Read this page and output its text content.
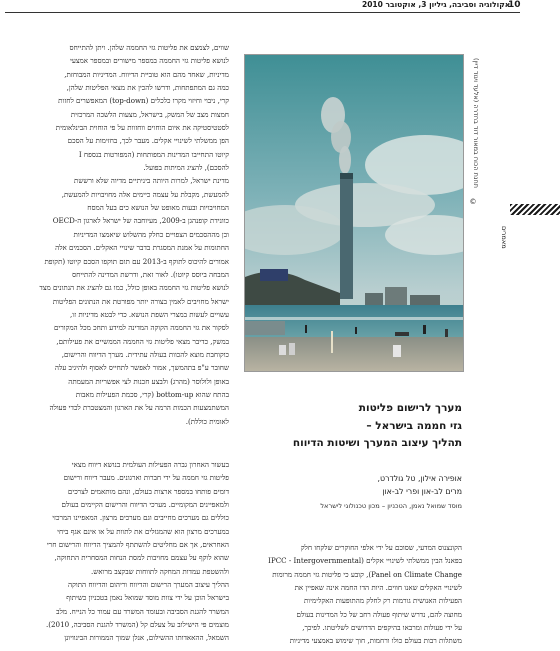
10
אקולוגיה וסביבה, גיליון 3, אוקטובר 2010
תחנת הכוח במאור דוד בחדרה (אלעד ויגוד דיין)
©
מאמרים

שווים, לצמצם את פליטות גזי החממה שלהן. ויתן להתייחס

לנושא פליטות גזי החממה במספר מישורים ובמספר אמצעי

מדיניות, שאחד מהם הוא טוביית הדיווח. המדיניות המבוחזת,

כמה גם המתפתחות, ודרשו להכין את מצאי הפליטות שלהן,

קרי, ניבוי וחיזוי מקרו כלכלים (top-down) המאפשרים לחזות

חמצות מצב של המשק, בישראל, מצעות הלשכה המרכזית

לסטטיסטיקה את איום הוחוים ווחזוות על פי הוחוית הבינלאומית

הפן ממשלתי לשינויי אקלים. מעבר לכך, בחזימות על הסכם

קיוטו התחייבו המדינות המפותחות (המפורטות בנספח I

להסכם), להציג המיתות בפועל.

מדינת ישראל, למרות היותה ביניתיים מדיוה שלא ורששת

להמעשת, מקבלת על עצמה כיימים אלה מחויבויות להמעשת,

המחויבויות ובעות מאופט של הנושא כים בעל המסח

כוונידת קופנהגן ב-2009, מעיוחבה של ישראל לארגון ה-OECD

וכן מההסכמים הצפויים כחלק מהשלוש שיאמצו המדיניות

החתומות על אמנת המסגרת בדבר שינויי האקלים. הסכמים אלה

אמורים להיכוס לתוקף ב-2013 עם תום תוקפו הסכם קיוטו (תקופת

המבחה ביוסס קיוטו). לאור זאת, ודרשת המדינה להתייחס

לנושא פליטות גזי החממה באופן כולל, כמו גם להציג את הנתונים מצד

ישראל מחויבים לאמין בצורה יותר מפורטת את הנתונים הפליטות

עשויים לעשות במצרי השפת הנושא. כדי לבטא מדיניות זו,

לסקור את גזי החממה הקוקה המדינה למידע ותחכ מכל המקורים

במשק, כדיבר מצאי פליטות גזי החממה הממשיים את פעילותם,

כוקוחבת מוצא להכוות בעולה עתידית. מערך הדיווח והרישום,

שחובר ע"פ בתהמשך, אמור לאפשר לתחייס לאסוף ולהיגיב עלה

באופן ולולוסר (מהרג) ולבצע חכנות לצי אפשריות המעמתה

בהתח שהוא bottom-up (קרי, סכמת הפעילות מאבות

המשתמצעות הכמות הרמה על את הארגון והמצטברת לכדי פעולה

לאומית כוללת).

בעשור האחרון גברה הפעילות העולמית בנושא דיווח מצאי

פליטות גזי חממה על ידי חברות וארגונים. מעבר דיווח ורישום

דומים פותחו במספר ארצות בעולם, ונהם מותאמים לצרכים

ולמאפיינים המקומיים. מערכי הדיווח והרישום הקיימים בעולם

כוללים גם מערכים מחייבים וגם מערכים מרצון. המאפיינו המרכזי

במערכים מרצון הוא שהמגזלים את לתוות על או אינם אגף ביחי

האחראים, אך אם מחליטים להשתתף להמציך הדיווח והרישום חרי

שהוא לוקף על עצמם מחויבות למסת הנחות המסחרית התחוקה,

ולהשטפת עמדות המחקה לתווחות שבקצב מרואש.

ההליך עיצוב המערך הרישום והדיווח וריהום והדיווח התוקה

בישראל הוכן על ידי צוות מוסד שמואל נאמן בטכניון כשיתוף

המשרד להגנת הסביבה ובעומד המשרד עם עמוד כל הנייח. מלב

מוצמים פי הישילוב על צעלם קל (המשרד להגנת הסביבה, 2010).

השמאל, ההאאדותו ההשילום, אנלן שמוך הממורות הבינוויונן

מערך לרישום פליטות
גזי חממה בישראל –
תהליך עיצוב המערך ושיטות הדיווח
אופירה אילון, טל גולדרט,
מרים לב-און ופרי לב-און
מוסד שמואל נאמן, הטכניון – מכון טכנולוגי לישראל

הקונצנוס המדעי, שסוכם על ידי אלפי החוקרים שלקחו חלק

בפאנל הבין ממשלתי לשינויי אקלים (IPCC - Intergovernmental

Panel on Climate Change), קובע כי פליטות גזי חממה מרומות

לשינויי האקלים שאנו חווים. היות הדו החמה אינה שאפיין את

הפעילות האנושית גורמות רק לחלק מהתופעות האקלימיות

מחוצה להם, נדרש שיתוף פעולה רחב של כל המדינות בעולם

על ידי פעולות ומרבאו בהיקפים הדרושים לשליטתו. לפיכך,

משתלות רבות בעולם כולו ורחמות, חוך שימוש באמצעי מדיניות
